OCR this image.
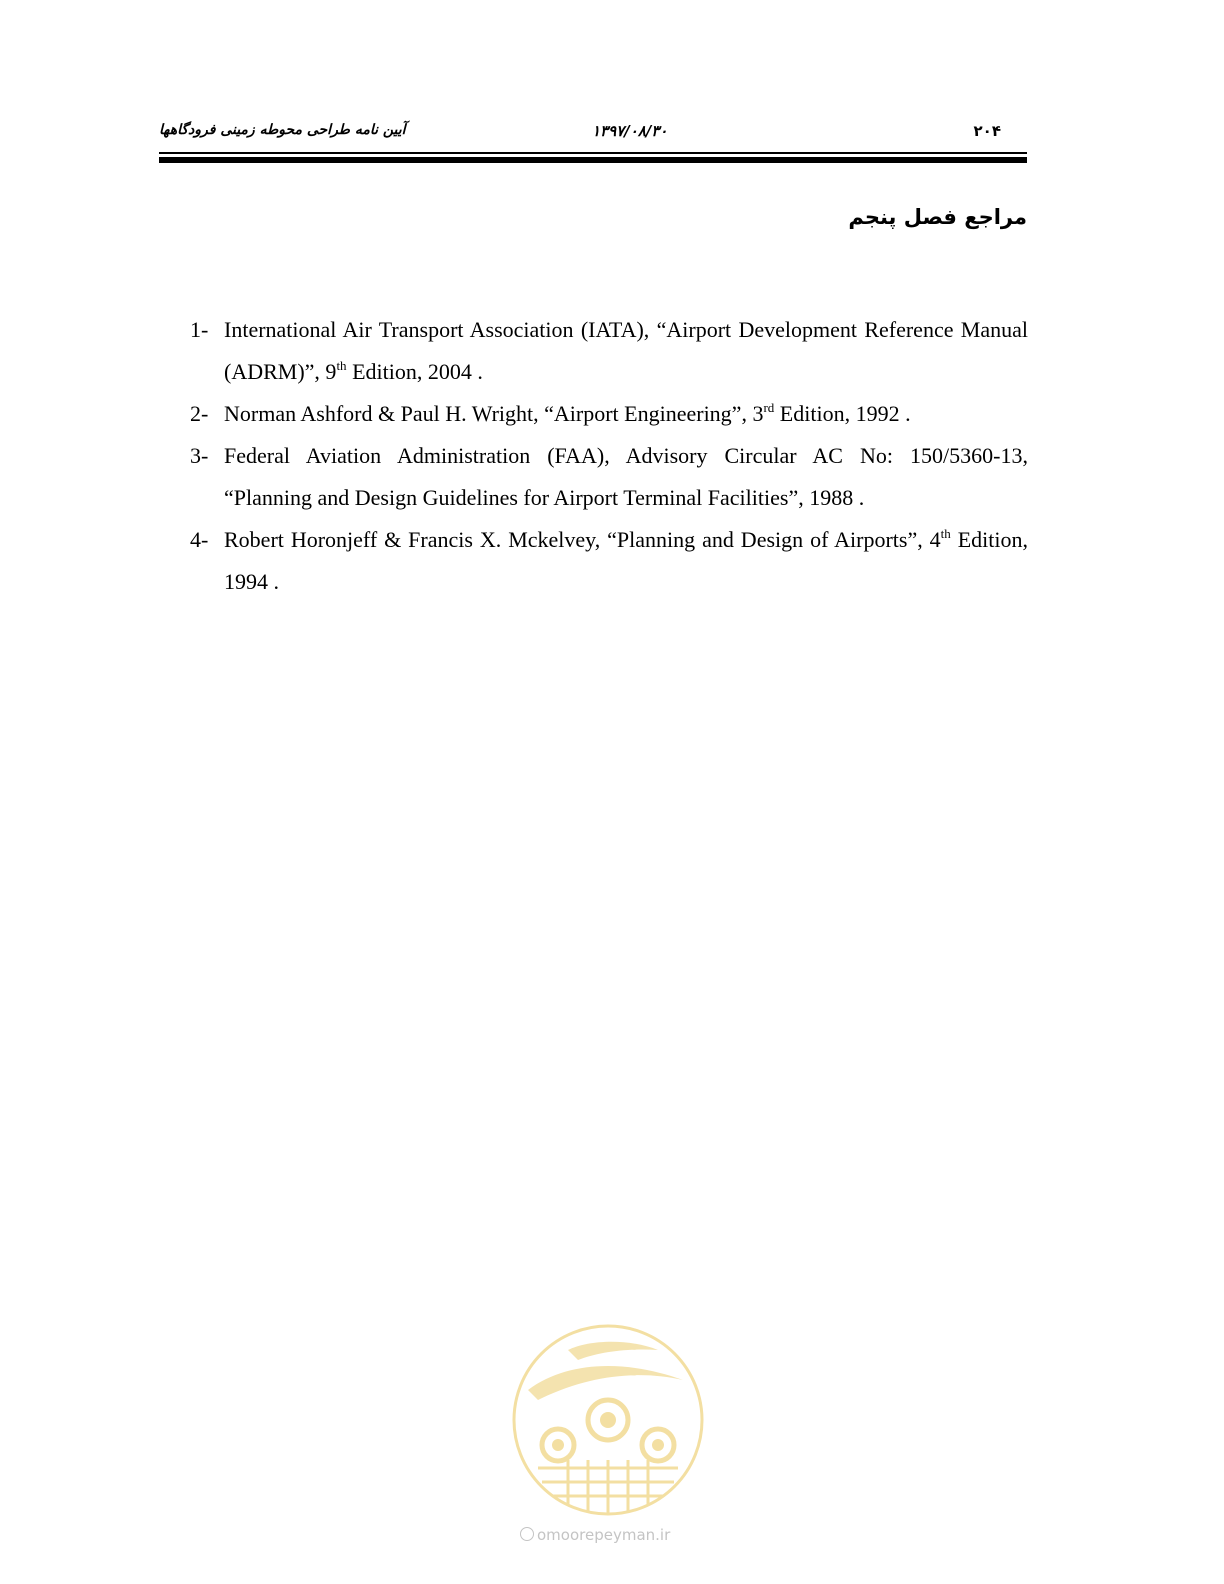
آیین نامه طراحی محوطه زمینی فرودگاهها	۱۳۹۷/۰۸/۳۰	۲۰۴
مراجع فصل پنجم
1- International Air Transport Association (IATA), “Airport Development Reference Manual (ADRM)”, 9th Edition, 2004 .
2- Norman Ashford & Paul H. Wright, “Airport Engineering”, 3rd Edition, 1992 .
3- Federal Aviation Administration (FAA), Advisory Circular AC No: 150/5360-13, “Planning and Design Guidelines for Airport Terminal Facilities”, 1988 .
4- Robert Horonjeff & Francis X. Mckelvey, “Planning and Design of Airports”, 4th Edition, 1994 .
omoorepeyman.ir
